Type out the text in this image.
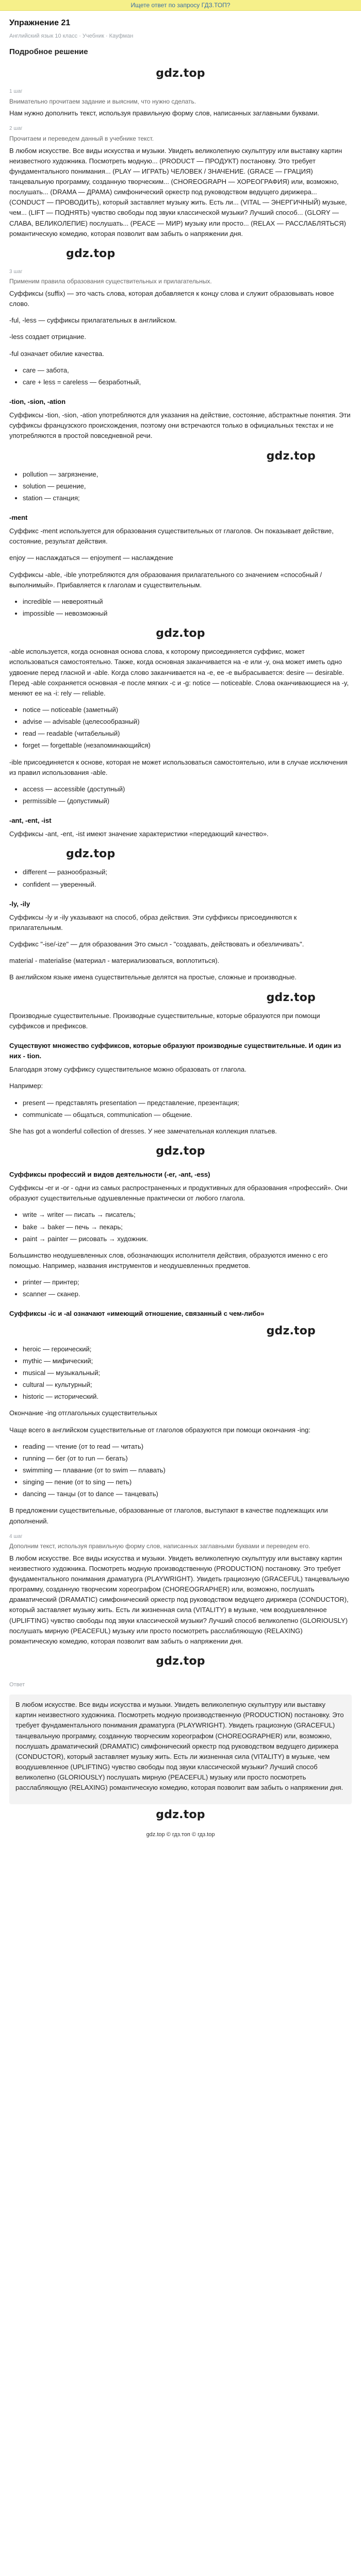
Ищете ответ по запросу ГДЗ.ТОП?
Упражнение 21
Английский язык 10 класс · Учебник · Кауфман
Подробное решение
gdz.top
1 шаг
Внимательно прочитаем задание и выясним, что нужно сделать.

Нам нужно дополнить текст, используя правильную форму слов, написанных заглавными буквами.

2 шаг
Прочитаем и переведем данный в учебнике текст.

В любом искусстве. Все виды искусства и музыки. Увидеть великолепную скульптуру или выставку картин неизвестного художника. Посмотреть модную... (PRODUCT — ПРОДУКТ) постановку. Это требует фундаментального понимания... (PLAY — ИГРАТЬ) ЧЕЛОВЕК / ЗНАЧЕНИЕ. (GRACE — ГРАЦИЯ) танцевальную программу, созданную творческим... (CHOREOGRAPH — ХОРЕОГРАФИЯ) или, возможно, послушать... (DRAMA — ДРАМА) симфонический оркестр под руководством ведущего дирижера... (CONDUCT — ПРОВОДИТЬ), который заставляет музыку жить. Есть ли... (VITAL — ЭНЕРГИЧНЫЙ) музыке, чем... (LIFT — ПОДНЯТЬ) чувство свободы под звуки классической музыки? Лучший способ... (GLORY — СЛАВА, ВЕЛИКОЛЕПИЕ) послушать... (PEACE — МИР) музыку или просто... (RELAX — РАССЛАБЛЯТЬСЯ) романтическую комедию, которая позволит вам забыть о напряжении дня.

gdz.top
3 шаг
Применим правила образования существительных и прилагательных.

Суффиксы (suffix) — это часть слова, которая добавляется к концу слова и служит образовывать новое слово.

-ful, -less — суффиксы прилагательных в английском.

-less создает отрицание.

-ful означает обилие качества.

• care — забота,
• care + less = careless — безработный,
-tion, -sion, -ation

Суффиксы -tion, -sion, -ation употребляются для указания на действие, состояние, абстрактные понятия. Эти суффиксы французского происхождения, поэтому они встречаются только в официальных текстах и не употребляются в простой повседневной речи.

gdz.top
• pollution — загрязнение,
• solution — решение,
• station — станция;
-ment

Суффикс -ment используется для образования существительных от глаголов. Он показывает действие, состояние, результат действия.

enjoy — наслаждаться — enjoyment — наслаждение

Суффиксы -able, -ible употребляются для образования прилагательного со значением «способный / выполнимый». Прибавляется к глаголам и существительным.

• incredible — невероятный
• impossible — невозможный
gdz.top

-able используется, когда основная основа слова, к которому присоединяется суффикс, может использоваться самостоятельно. Также, когда основная заканчивается на -e или -y, она может иметь одно удвоение перед гласной и -able. Когда слово заканчивается на -e, ее -e выбрасывается: desire — desirable. Перед -able сохраняется основная -e после мягких -c и -g: notice — noticeable. Слова оканчивающиеся на -y, меняют ее на -i: rely — reliable.

• notice — noticeable (заметный)
• advise — advisable (целесообразный)
• read — readable (читабельный)
• forget — forgettable (незапоминающийся)

-ible присоединяется к основе, которая не может использоваться самостоятельно, или в случае исключения из правил использования -able.

• access — accessible (доступный)
• permissible — (допустимый)
-ant, -ent, -ist

Суффиксы -ant, -ent, -ist имеют значение характеристики «передающий качество».

gdz.top
• different — разнообразный;
• confident — уверенный.
-ly, -ily

Суффиксы -ly и -ily указывают на способ, образ действия. Эти суффиксы присоединяются к прилагательным.

Суффикс "-ise/-ize" — для образования Это смысл - "создавать, действовать и обезличивать".

material - materialise (материал - материализоваться, воплотиться).

В английском языке имена существительные делятся на простые, сложные и производные.

gdz.top

Производные существительные. Производные существительные, которые образуются при помощи суффиксов и префиксов.

Существуют множество суффиксов, которые образуют производные существительные. И один из них - tion.

Благодаря этому суффиксу существительное можно образовать от глагола.

Например:

• present — представлять presentation — представление, презентация;
• communicate — общаться, communication — общение.

She has got a wonderful collection of dresses. У нее замечательная коллекция платьев.

gdz.top
Суффиксы профессий и видов деятельности (-er, -ant, -ess)

Суффиксы -er и -or - одни из самых распространенных и продуктивных для образования «профессий». Они образуют существительные одушевленные практически от любого глагола.

• write → writer — писать → писатель;
• bake → baker — печь → пекарь;
• paint → painter — рисовать → художник.

Большинство неодушевленных слов, обозначающих исполнителя действия, образуются именно с его помощью. Например, названия инструментов и неодушевленных предметов.

• printer — принтер;
• scanner — сканер.
Суффиксы -ic и -al означают «имеющий отношение, связанный с чем-либо»
gdz.top
• heroic — героический;
• mythic — мифический;
• musical — музыкальный;
• cultural — культурный;
• historic — исторический.

Окончание -ing отглагольных существительных

Чаще всего в английском существительные от глаголов образуются при помощи окончания -ing:

• reading — чтение (от to read — читать)
• running — бег (от to run — бегать)
• swimming — плавание (от to swim — плавать)
• singing — пение (от to sing — петь)
• dancing — танцы (от to dance — танцевать)

В предложении существительные, образованные от глаголов, выступают в качестве подлежащих или дополнений.

4 шаг
Дополним текст, используя правильную форму слов, написанных заглавными буквами и переведем его.

В любом искусстве. Все виды искусства и музыки. Увидеть великолепную скульптуру или выставку картин неизвестного художника. Посмотреть модную производственную (PRODUCTION) постановку. Это требует фундаментального понимания драматурга (PLAYWRIGHT). Увидеть грациозную (GRACEFUL) танцевальную программу, созданную творческим хореографом (CHOREOGRAPHER) или, возможно, послушать драматический (DRAMATIC) симфонический оркестр под руководством ведущего дирижера (CONDUCTOR), который заставляет музыку жить. Есть ли жизненная сила (VITALITY) в музыке, чем воодушевленное (UPLIFTING) чувство свободы под звуки классической музыки? Лучший способ великолепно (GLORIOUSLY) послушать мирную (PEACEFUL) музыку или просто посмотреть расслабляющую (RELAXING) романтическую комедию, которая позволит вам забыть о напряжении дня.

gdz.top
Ответ

В любом искусстве. Все виды искусства и музыки. Увидеть великолепную скульптуру или выставку картин неизвестного художника. Посмотреть модную производственную (PRODUCTION) постановку. Это требует фундаментального понимания драматурга (PLAYWRIGHT). Увидеть грациозную (GRACEFUL) танцевальную программу, созданную творческим хореографом (CHOREOGRAPHER) или, возможно, послушать драматический (DRAMATIC) симфонический оркестр под руководством ведущего дирижера (CONDUCTOR), который заставляет музыку жить. Есть ли жизненная сила (VITALITY) в музыке, чем воодушевленное (UPLIFTING) чувство свободы под звуки классической музыки? Лучший способ великолепно (GLORIOUSLY) послушать мирную (PEACEFUL) музыку или просто посмотреть расслабляющую (RELAXING) романтическую комедию, которая позволит вам забыть о напряжении дня.

gdz.top
gdz.top © гдз.топ © гдз.top
